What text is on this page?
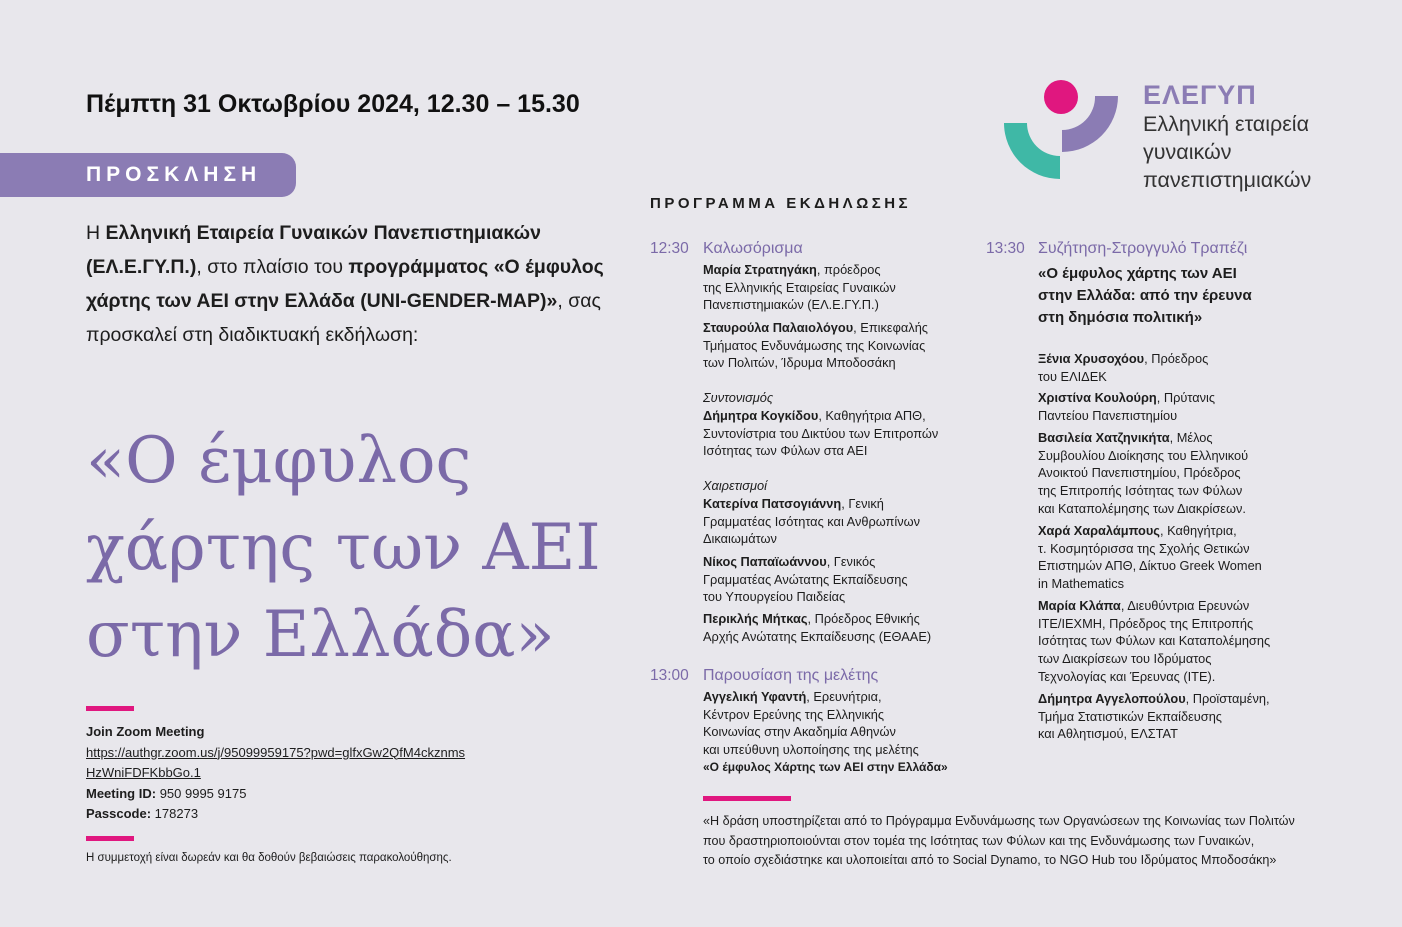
Πέμπτη 31 Οκτωβρίου 2024, 12.30 – 15.30
ΠΡΟΣΚΛΗΣΗ
Η Ελληνική Εταιρεία Γυναικών Πανεπιστημιακών (ΕΛ.Ε.ΓΥ.Π.), στο πλαίσιο του προγράμματος «Ο έμφυλος χάρτης των ΑΕΙ στην Ελλάδα (UNI-GENDER-MAP)», σας προσκαλεί στη διαδικτυακή εκδήλωση:
«Ο έμφυλος
χάρτης των ΑΕΙ
στην Ελλάδα»
Join Zoom Meeting
https://authgr.zoom.us/j/95099959175?pwd=glfxGw2QfM4ckznms
HzWniFDFKbbGo.1
Meeting ID: 950 9995 9175
Passcode: 178273
Η συμμετοχή είναι δωρεάν και θα δοθούν βεβαιώσεις παρακολούθησης.
ΕΛΕΓΥΠ
Ελληνική εταιρεία
γυναικών
πανεπιστημιακών
ΠΡΟΓΡΑΜΜΑ ΕΚΔΗΛΩΣΗΣ
12:30 Καλωσόρισμα
Μαρία Στρατηγάκη, πρόεδρος
της Ελληνικής Εταιρείας Γυναικών
Πανεπιστημιακών (ΕΛ.Ε.ΓΥ.Π.)
Σταυρούλα Παλαιολόγου, Επικεφαλής
Τμήματος Ενδυνάμωσης της Κοινωνίας
των Πολιτών, Ίδρυμα Μποδοσάκη
Συντονισμός
Δήμητρα Κογκίδου, Καθηγήτρια ΑΠΘ,
Συντονίστρια του Δικτύου των Επιτροπών
Ισότητας των Φύλων στα ΑΕΙ
Χαιρετισμοί
Κατερίνα Πατσογιάννη, Γενική
Γραμματέας Ισότητας και Ανθρωπίνων
Δικαιωμάτων
Νίκος Παπαϊωάννου, Γενικός
Γραμματέας Ανώτατης Εκπαίδευσης
του Υπουργείου Παιδείας
Περικλής Μήτκας, Πρόεδρος Εθνικής
Αρχής Ανώτατης Εκπαίδευσης (ΕΘΑΑΕ)
13:00 Παρουσίαση της μελέτης
Αγγελική Υφαντή, Ερευνήτρια,
Κέντρον Ερεύνης της Ελληνικής
Κοινωνίας στην Ακαδημία Αθηνών
και υπεύθυνη υλοποίησης της μελέτης
«Ο έμφυλος Χάρτης των ΑΕΙ στην Ελλάδα»
13:30 Συζήτηση-Στρογγυλό Τραπέζι
«Ο έμφυλος χάρτης των ΑΕΙ
στην Ελλάδα: από την έρευνα
στη δημόσια πολιτική»
Ξένια Χρυσοχόου, Πρόεδρος
του ΕΛΙΔΕΚ
Χριστίνα Κουλούρη, Πρύτανις
Παντείου Πανεπιστημίου
Βασιλεία Χατζηνικήτα, Μέλος
Συμβουλίου Διοίκησης του Ελληνικού
Ανοικτού Πανεπιστημίου, Πρόεδρος
της Επιτροπής Ισότητας των Φύλων
και Καταπολέμησης των Διακρίσεων.
Χαρά Χαραλάμπους, Καθηγήτρια,
τ. Κοσμητόρισσα της Σχολής Θετικών
Επιστημών ΑΠΘ, Δίκτυο Greek Women
in Mathematics
Μαρία Κλάπα, Διευθύντρια Ερευνών
ΙΤΕ/ΙΕΧΜΗ, Πρόεδρος της Επιτροπής
Ισότητας των Φύλων και Καταπολέμησης
των Διακρίσεων του Ιδρύματος
Τεχνολογίας και Έρευνας (ΙΤΕ).
Δήμητρα Αγγελοπούλου, Προϊσταμένη,
Τμήμα Στατιστικών Εκπαίδευσης
και Αθλητισμού, ΕΛΣΤΑΤ
«Η δράση υποστηρίζεται από το Πρόγραμμα Ενδυνάμωσης των Οργανώσεων της Κοινωνίας των Πολιτών
που δραστηριοποιούνται στον τομέα της Ισότητας των Φύλων και της Ενδυνάμωσης των Γυναικών,
το οποίο σχεδιάστηκε και υλοποιείται από το Social Dynamo, το NGO Hub του Ιδρύματος Μποδοσάκη»
